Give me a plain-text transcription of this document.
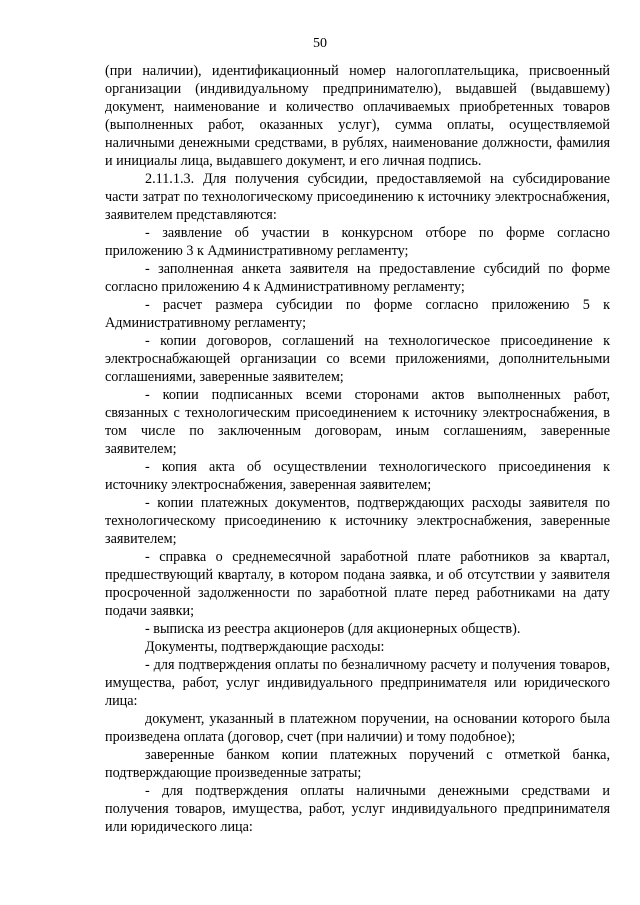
50

(при наличии), идентификационный номер налогоплательщика, присвоенный организации (индивидуальному предпринимателю), выдавшей (выдавшему) документ, наименование и количество оплачиваемых приобретенных товаров (выполненных работ, оказанных услуг), сумма оплаты, осуществляемой наличными денежными средствами, в рублях, наименование должности, фамилия и инициалы лица, выдавшего документ, и его личная подпись.

2.11.1.3. Для получения субсидии, предоставляемой на субсидирование части затрат по технологическому присоединению к источнику электроснабжения, заявителем представляются:

- заявление об участии в конкурсном отборе по форме согласно приложению 3 к Административному регламенту;

- заполненная анкета заявителя на предоставление субсидий по форме согласно приложению 4 к Административному регламенту;

- расчет размера субсидии по форме согласно приложению 5 к Административному регламенту;

- копии договоров, соглашений на технологическое присоединение к электроснабжающей организации со всеми приложениями, дополнительными соглашениями, заверенные заявителем;

- копии подписанных всеми сторонами актов выполненных работ, связанных с технологическим присоединением к источнику электроснабжения, в том числе по заключенным договорам, иным соглашениям, заверенные заявителем;

- копия акта об осуществлении технологического присоединения к источнику электроснабжения, заверенная заявителем;

- копии платежных документов, подтверждающих расходы заявителя по технологическому присоединению к источнику электроснабжения, заверенные заявителем;

- справка о среднемесячной заработной плате работников за квартал, предшествующий кварталу, в котором подана заявка, и об отсутствии у заявителя просроченной задолженности по заработной плате перед работниками на дату подачи заявки;

- выписка из реестра акционеров (для акционерных обществ).

Документы, подтверждающие расходы:

- для подтверждения оплаты по безналичному расчету и получения товаров, имущества, работ, услуг индивидуального предпринимателя или юридического лица:

документ, указанный в платежном поручении, на основании которого была произведена оплата (договор, счет (при наличии) и тому подобное);

заверенные банком копии платежных поручений с отметкой банка, подтверждающие произведенные затраты;

- для подтверждения оплаты наличными денежными средствами и получения товаров, имущества, работ, услуг индивидуального предпринимателя или юридического лица:
